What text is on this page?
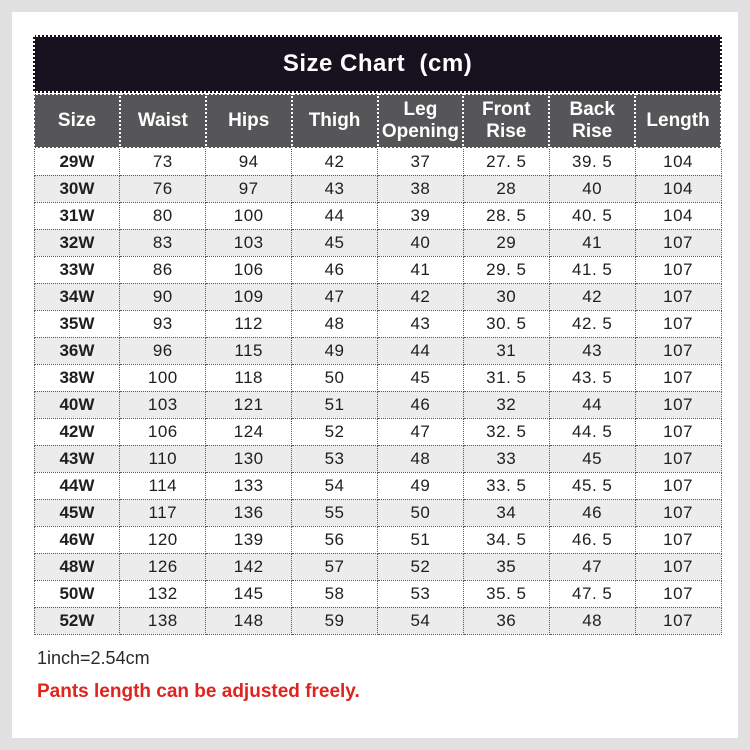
Size Chart  (cm)
Size	Waist	Hips	Thigh	Leg Opening	Front Rise	Back Rise	Length
29W	73	94	42	37	27. 5	39. 5	104
30W	76	97	43	38	28	40	104
31W	80	100	44	39	28. 5	40. 5	104
32W	83	103	45	40	29	41	107
33W	86	106	46	41	29. 5	41. 5	107
34W	90	109	47	42	30	42	107
35W	93	112	48	43	30. 5	42. 5	107
36W	96	115	49	44	31	43	107
38W	100	118	50	45	31. 5	43. 5	107
40W	103	121	51	46	32	44	107
42W	106	124	52	47	32. 5	44. 5	107
43W	110	130	53	48	33	45	107
44W	114	133	54	49	33. 5	45. 5	107
45W	117	136	55	50	34	46	107
46W	120	139	56	51	34. 5	46. 5	107
48W	126	142	57	52	35	47	107
50W	132	145	58	53	35. 5	47. 5	107
52W	138	148	59	54	36	48	107
1inch=2.54cm
Pants length can be adjusted freely.
